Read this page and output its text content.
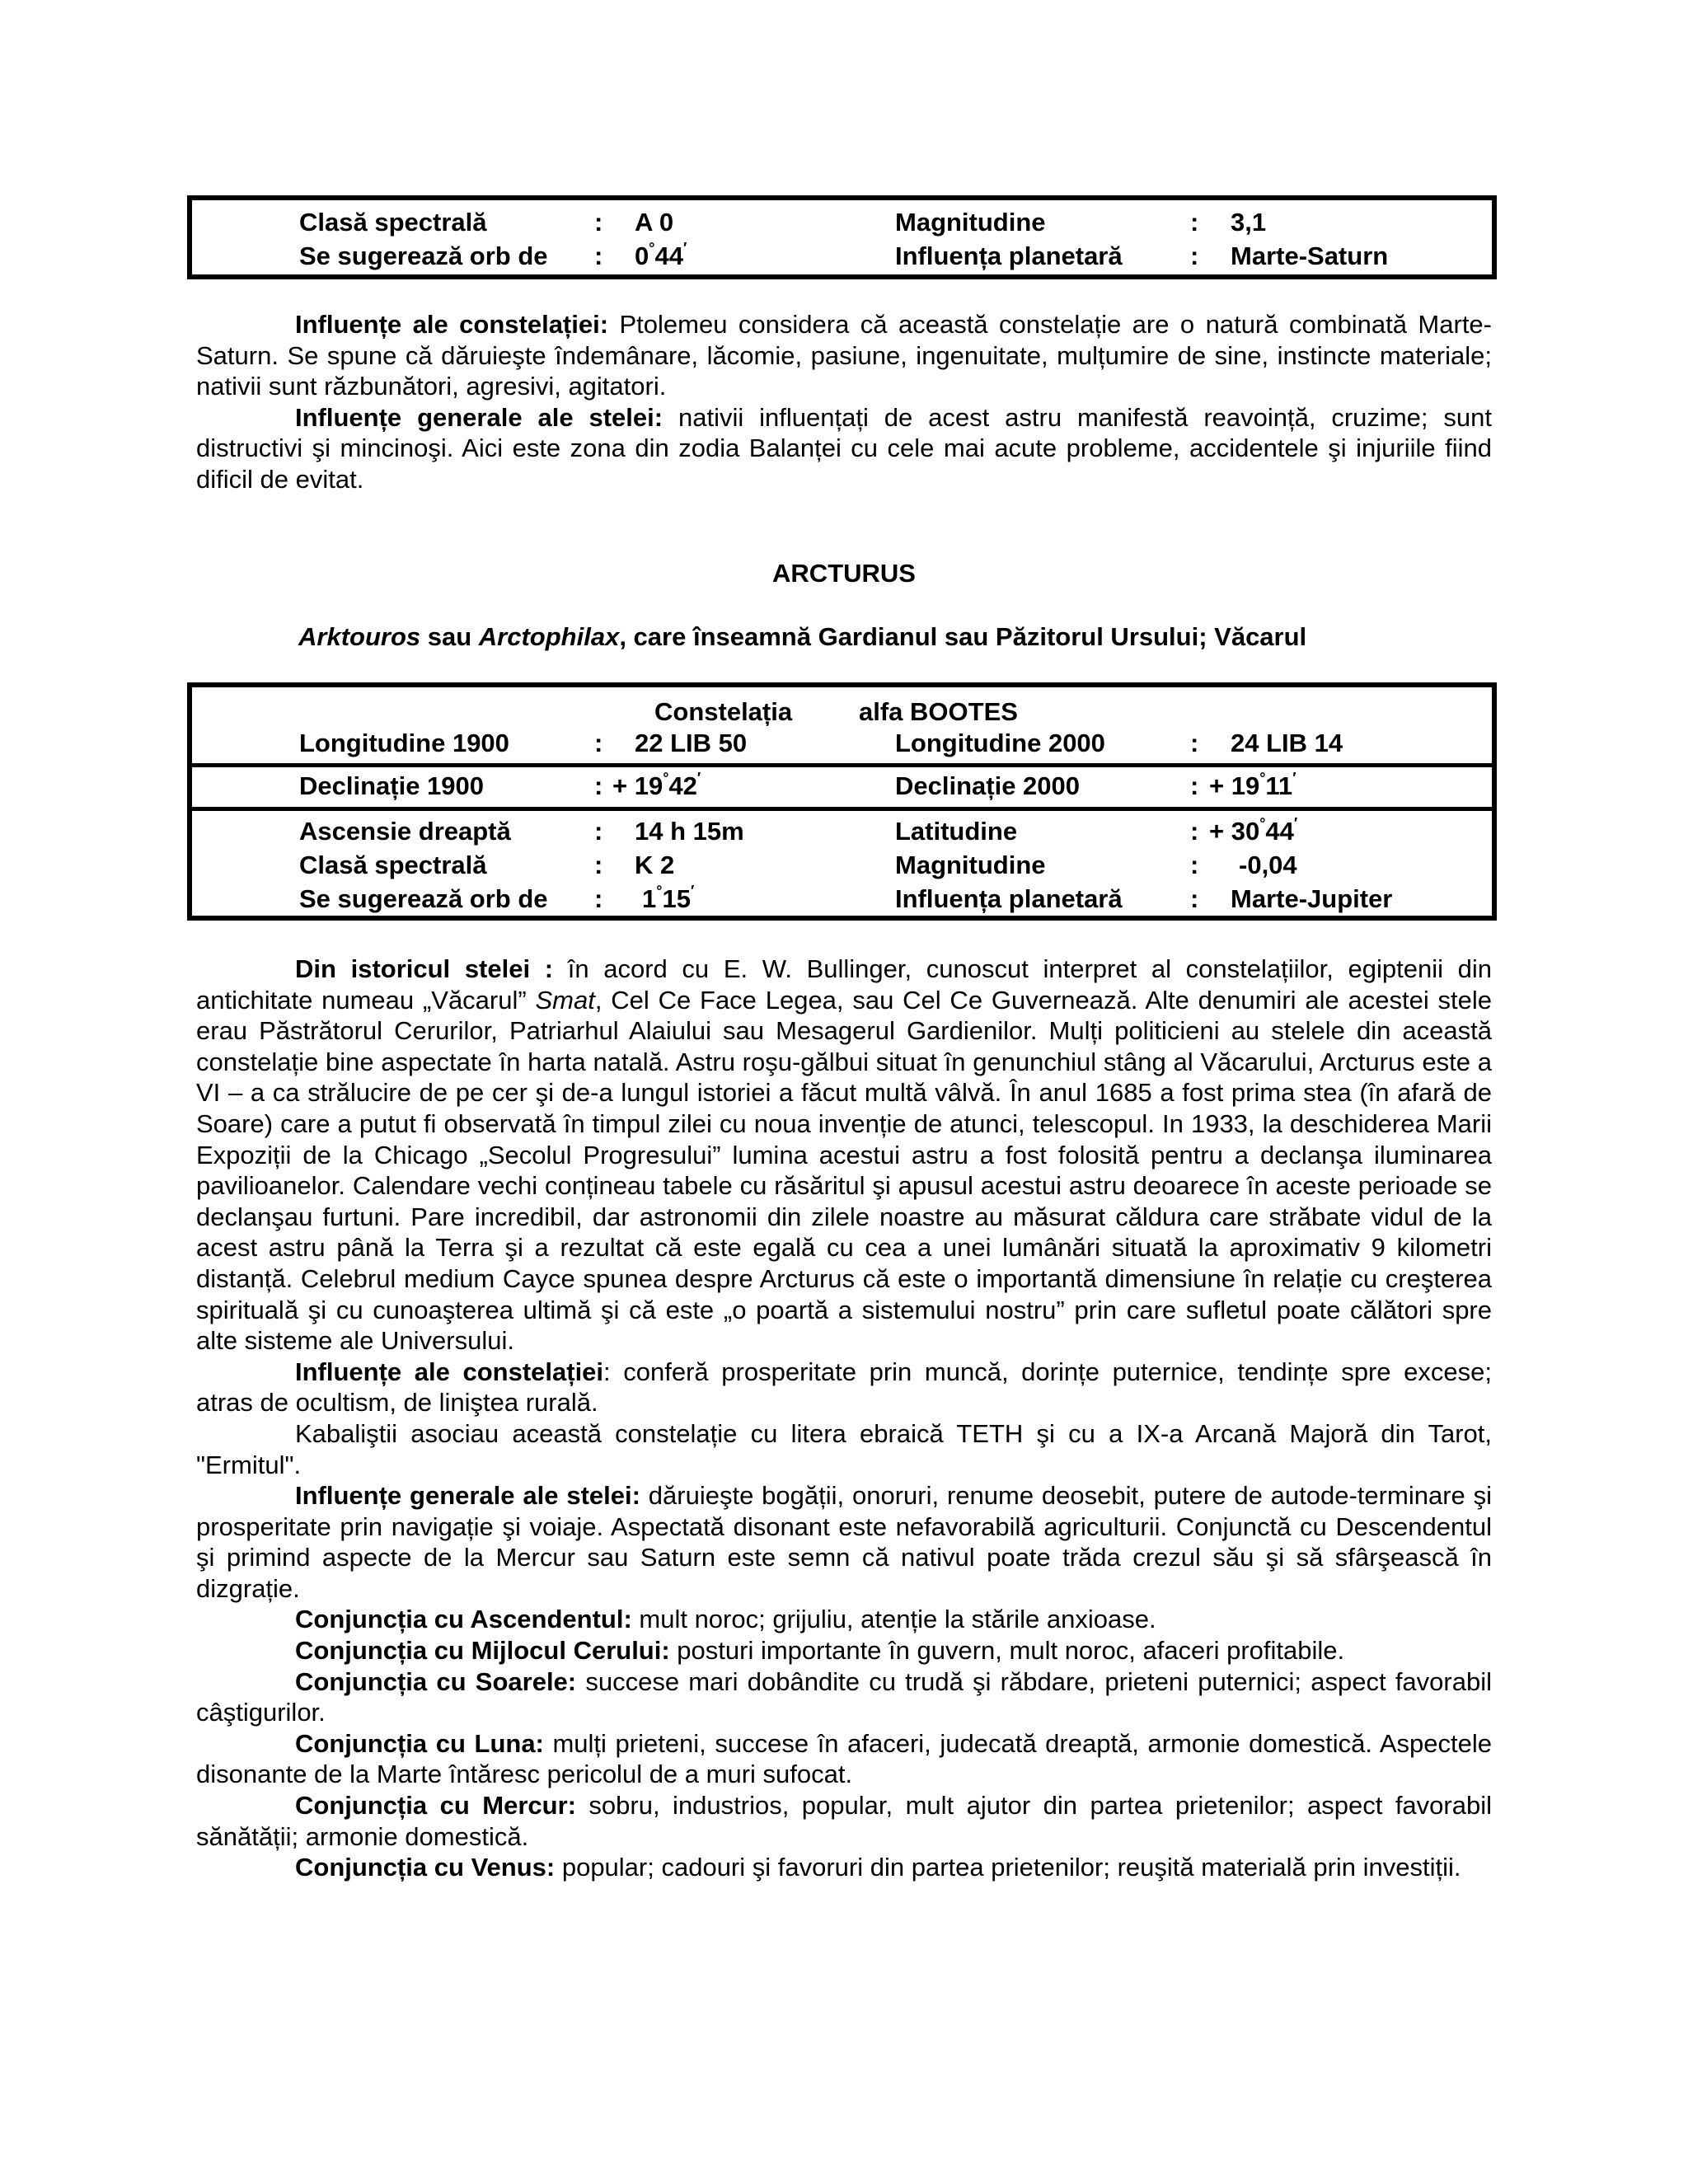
Clasă spectrală	: A 0	Magnitudine	: 3,1
Se sugerează orb de : 0°44′	Influența planetară	: Marte-Saturn

Influențe ale constelației: Ptolemeu considera că această constelație are o natură combinată Marte-Saturn. Se spune că dăruieşte îndemânare, lăcomie, pasiune, ingenuitate, mulțumire de sine, instincte materiale; nativii sunt răzbunători, agresivi, agitatori.

Influențe generale ale stelei: nativii influențați de acest astru manifestă reavoință, cruzime; sunt distructivi şi mincinoşi. Aici este zona din zodia Balanței cu cele mai acute probleme, accidentele şi injuriile fiind dificil de evitat.

ARCTURUS
Arktouros sau Arctophilax, care înseamnă Gardianul sau Păzitorul Ursului; Văcarul
Constelația	alfa BOOTES
Longitudine 1900	: 22 LIB 50	Longitudine 2000	: 24 LIB 14
Declinație 1900	: + 19°42′	Declinație 2000	: + 19°11′
Ascensie dreaptă	: 14 h 15m	Latitudine	: + 30°44′
Clasă spectrală	: K 2	Magnitudine	: -0,04
Se sugerează orb de : 1°15′	Influența planetară	: Marte-Jupiter

Din istoricul stelei : în acord cu E. W. Bullinger, cunoscut interpret al constelațiilor, egiptenii din antichitate numeau „Văcarul” Smat, Cel Ce Face Legea, sau Cel Ce Guvernează. Alte denumiri ale acestei stele erau Păstrătorul Cerurilor, Patriarhul Alaiului sau Mesagerul Gardienilor. Mulți politicieni au stelele din această constelație bine aspectate în harta natală. Astru roşu-gălbui situat în genunchiul stâng al Văcarului, Arcturus este a VI – a ca strălucire de pe cer şi de-a lungul istoriei a făcut multă vâlvă. În anul 1685 a fost prima stea (în afară de Soare) care a putut fi observată în timpul zilei cu noua invenție de atunci, telescopul. In 1933, la deschiderea Marii Expoziții de la Chicago „Secolul Progresului” lumina acestui astru a fost folosită pentru a declanşa iluminarea pavilioanelor. Calendare vechi conțineau tabele cu răsăritul şi apusul acestui astru deoarece în aceste perioade se declanşau furtuni. Pare incredibil, dar astronomii din zilele noastre au măsurat căldura care străbate vidul de la acest astru până la Terra şi a rezultat că este egală cu cea a unei lumânări situată la aproximativ 9 kilometri distanță. Celebrul medium Cayce spunea despre Arcturus că este o importantă dimensiune în relație cu creşterea spirituală şi cu cunoaşterea ultimă şi că este „o poartă a sistemului nostru” prin care sufletul poate călători spre alte sisteme ale Universului.

Influențe ale constelației: conferă prosperitate prin muncă, dorințe puternice, tendințe spre excese; atras de ocultism, de liniştea rurală.

Kabaliştii asociau această constelație cu litera ebraică TETH şi cu a IX-a Arcană Majoră din Tarot, "Ermitul".

Influențe generale ale stelei: dăruieşte bogății, onoruri, renume deosebit, putere de autode-terminare şi prosperitate prin navigație şi voiaje. Aspectată disonant este nefavorabilă agriculturii. Conjunctă cu Descendentul şi primind aspecte de la Mercur sau Saturn este semn că nativul poate trăda crezul său şi să sfârşească în dizgrație.

Conjuncția cu Ascendentul: mult noroc; grijuliu, atenție la stările anxioase.

Conjuncția cu Mijlocul Cerului: posturi importante în guvern, mult noroc, afaceri profitabile.

Conjuncția cu Soarele: succese mari dobândite cu trudă şi răbdare, prieteni puternici; aspect favorabil câştigurilor.

Conjuncția cu Luna: mulți prieteni, succese în afaceri, judecată dreaptă, armonie domestică. Aspectele disonante de la Marte întăresc pericolul de a muri sufocat.

Conjuncția cu Mercur: sobru, industrios, popular, mult ajutor din partea prietenilor; aspect favorabil sănătății; armonie domestică.

Conjuncția cu Venus: popular; cadouri şi favoruri din partea prietenilor; reuşită materială prin investiții.
